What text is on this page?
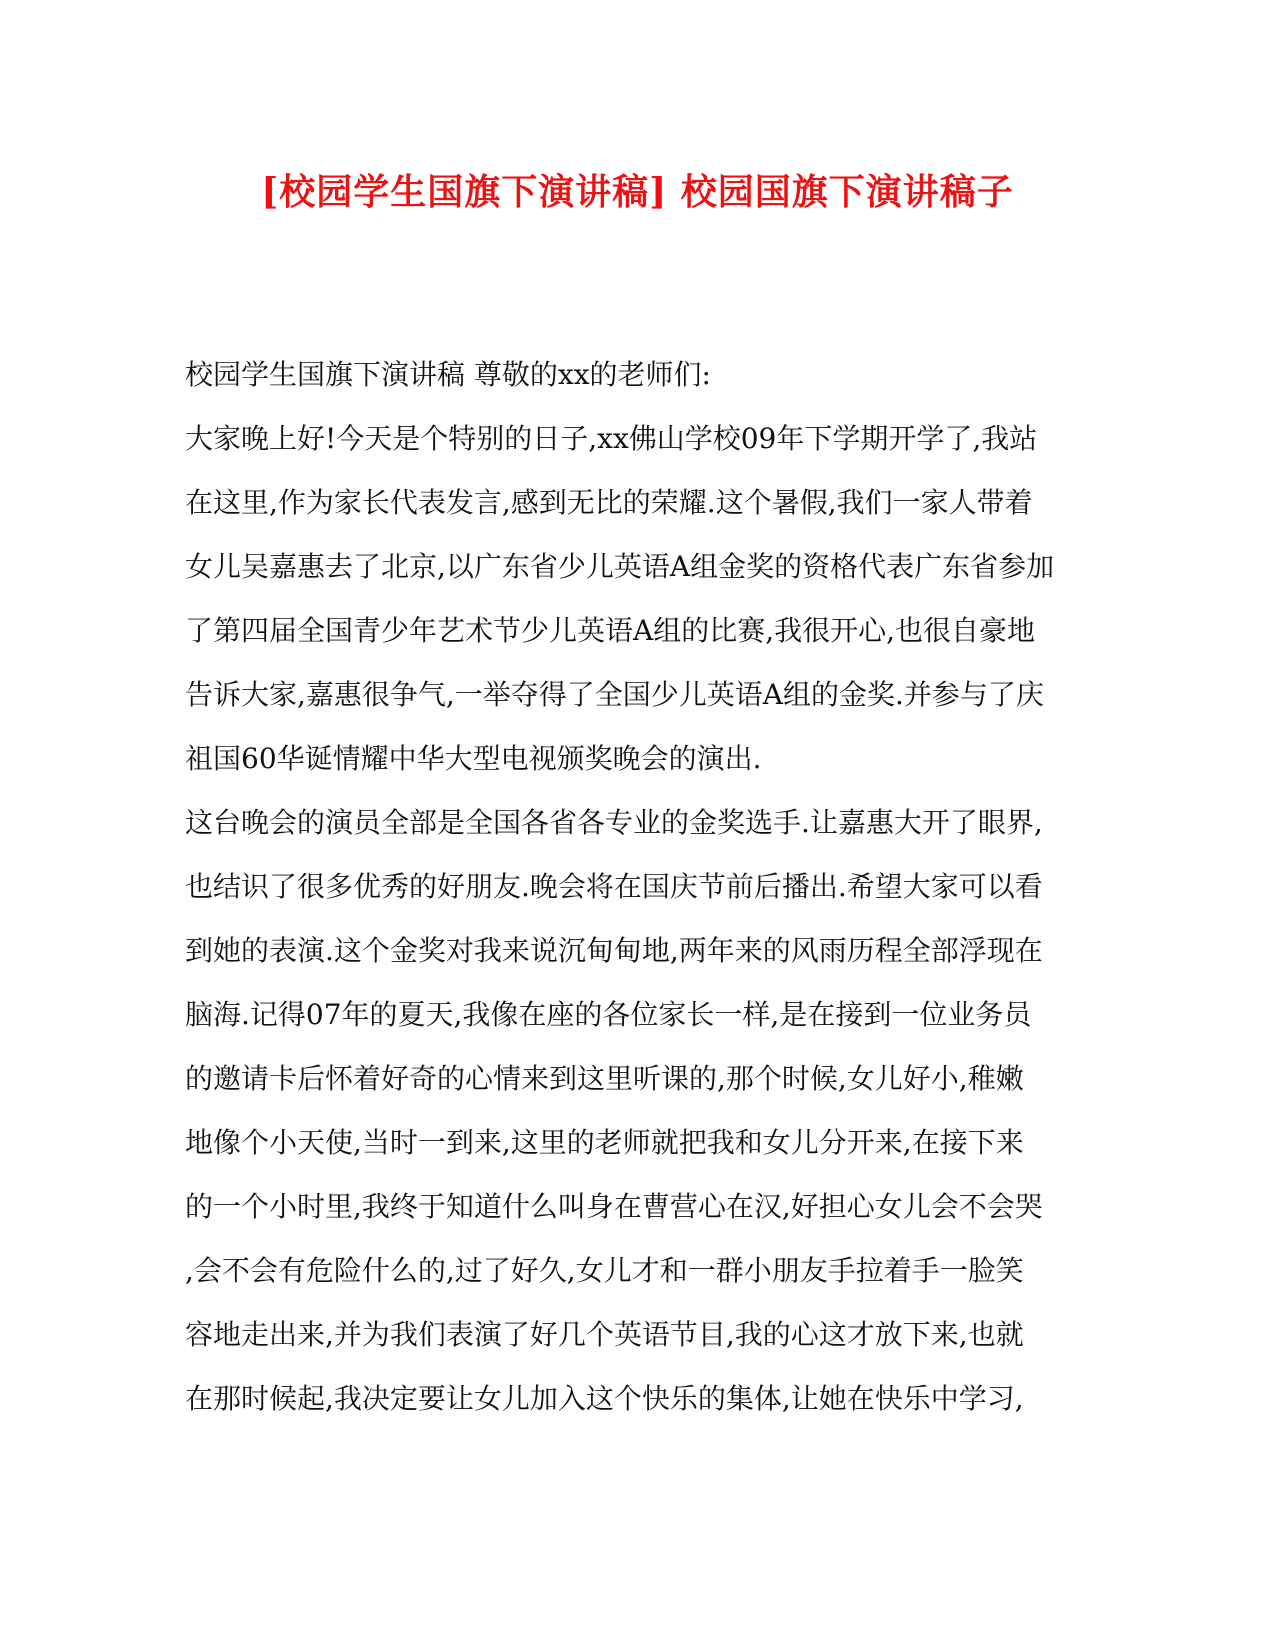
[校园学生国旗下演讲稿] 校园国旗下演讲稿子
校园学生国旗下演讲稿 尊敬的xx的老师们:
大家晚上好!今天是个特别的日子,xx佛山学校09年下学期开学了,我站
在这里,作为家长代表发言,感到无比的荣耀.这个暑假,我们一家人带着
女儿吴嘉惠去了北京,以广东省少儿英语A组金奖的资格代表广东省参加
了第四届全国青少年艺术节少儿英语A组的比赛,我很开心,也很自豪地
告诉大家,嘉惠很争气,一举夺得了全国少儿英语A组的金奖.并参与了庆
祖国60华诞情耀中华大型电视颁奖晚会的演出.
这台晚会的演员全部是全国各省各专业的金奖选手.让嘉惠大开了眼界,
也结识了很多优秀的好朋友.晚会将在国庆节前后播出.希望大家可以看
到她的表演.这个金奖对我来说沉甸甸地,两年来的风雨历程全部浮现在
脑海.记得07年的夏天,我像在座的各位家长一样,是在接到一位业务员
的邀请卡后怀着好奇的心情来到这里听课的,那个时候,女儿好小,稚嫩
地像个小天使,当时一到来,这里的老师就把我和女儿分开来,在接下来
的一个小时里,我终于知道什么叫身在曹营心在汉,好担心女儿会不会哭
,会不会有危险什么的,过了好久,女儿才和一群小朋友手拉着手一脸笑
容地走出来,并为我们表演了好几个英语节目,我的心这才放下来,也就
在那时候起,我决定要让女儿加入这个快乐的集体,让她在快乐中学习,
